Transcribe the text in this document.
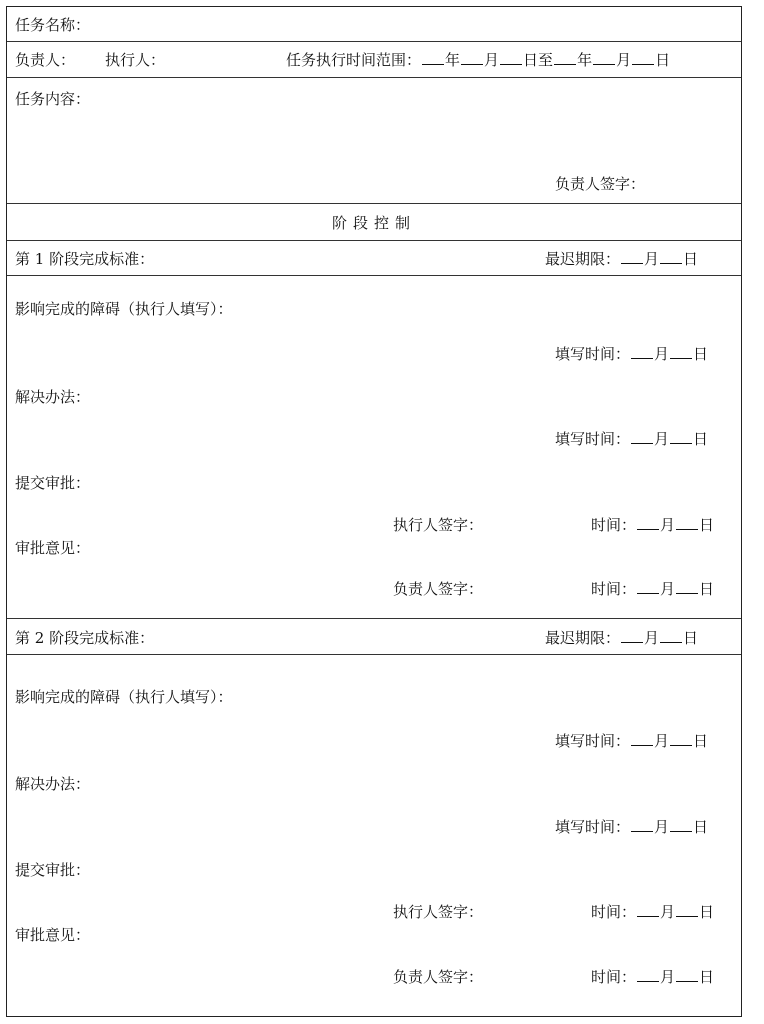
任务名称：
负责人： 执行人：	任务执行时间范围： 年 月 日至 年 月 日
任务内容：
负责人签字：
阶段控制
第 1 阶段完成标准：	最迟期限： 月 日
影响完成的障碍（执行人填写）：
填写时间： 月 日
解决办法：
填写时间： 月 日
提交审批：
执行人签字：	时间： 月 日
审批意见：
负责人签字：	时间： 月 日
第 2 阶段完成标准：	最迟期限： 月 日
影响完成的障碍（执行人填写）：
填写时间： 月 日
解决办法：
填写时间： 月 日
提交审批：
执行人签字：	时间： 月 日
审批意见：
负责人签字：	时间： 月 日
